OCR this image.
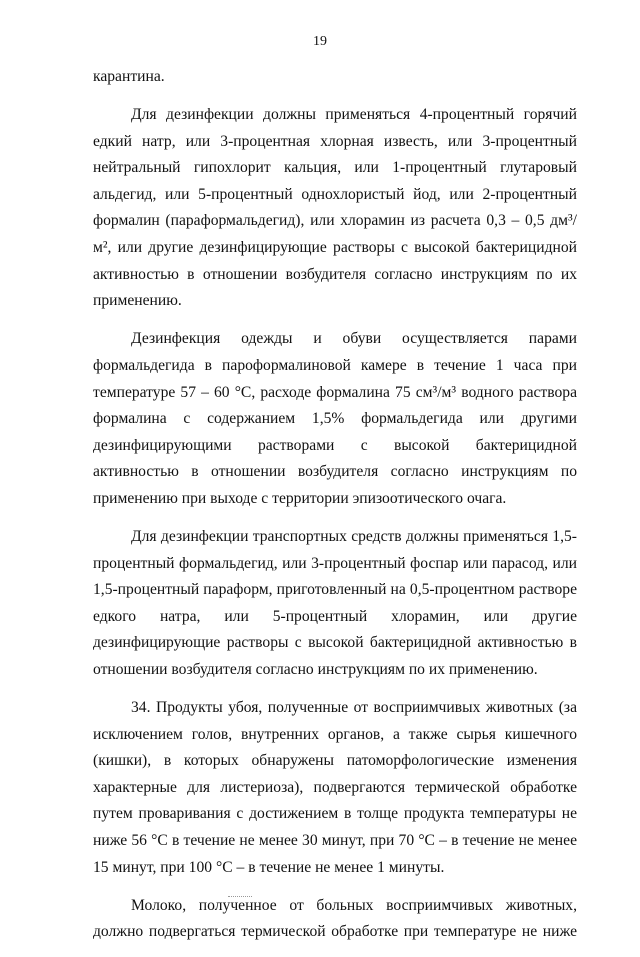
19

карантина.

Для дезинфекции должны применяться 4-процентный горячий едкий натр, или 3-процентная хлорная известь, или 3-процентный нейтральный гипохлорит кальция, или 1-процентный глутаровый альдегид, или 5-процентный однохлористый йод, или 2-процентный формалин (параформальдегид), или хлорамин из расчета 0,3 – 0,5 дм³/м², или другие дезинфицирующие растворы с высокой бактерицидной активностью в отношении возбудителя согласно инструкциям по их применению.

Дезинфекция одежды и обуви осуществляется парами формальдегида в пароформалиновой камере в течение 1 часа при температуре 57 – 60 °С, расходе формалина 75 см³/м³ водного раствора формалина с содержанием 1,5% формальдегида или другими дезинфицирующими растворами с высокой бактерицидной активностью в отношении возбудителя согласно инструкциям по применению при выходе с территории эпизоотического очага.

Для дезинфекции транспортных средств должны применяться 1,5-процентный формальдегид, или 3-процентный фоспар или парасод, или 1,5-процентный параформ, приготовленный на 0,5-процентном растворе едкого натра, или 5-процентный хлорамин, или другие дезинфицирующие растворы с высокой бактерицидной активностью в отношении возбудителя согласно инструкциям по их применению.

34. Продукты убоя, полученные от восприимчивых животных (за исключением голов, внутренних органов, а также сырья кишечного (кишки), в которых обнаружены патоморфологические изменения характерные для листериоза), подвергаются термической обработке путем проваривания с достижением в толще продукта температуры не ниже 56 °С в течение не менее 30 минут, при 70 °С – в течение не менее 15 минут, при 100 °С – в течение не менее 1 минуты.

Молоко, полученное от больных восприимчивых животных, должно подвергаться термической обработке при температуре не ниже
